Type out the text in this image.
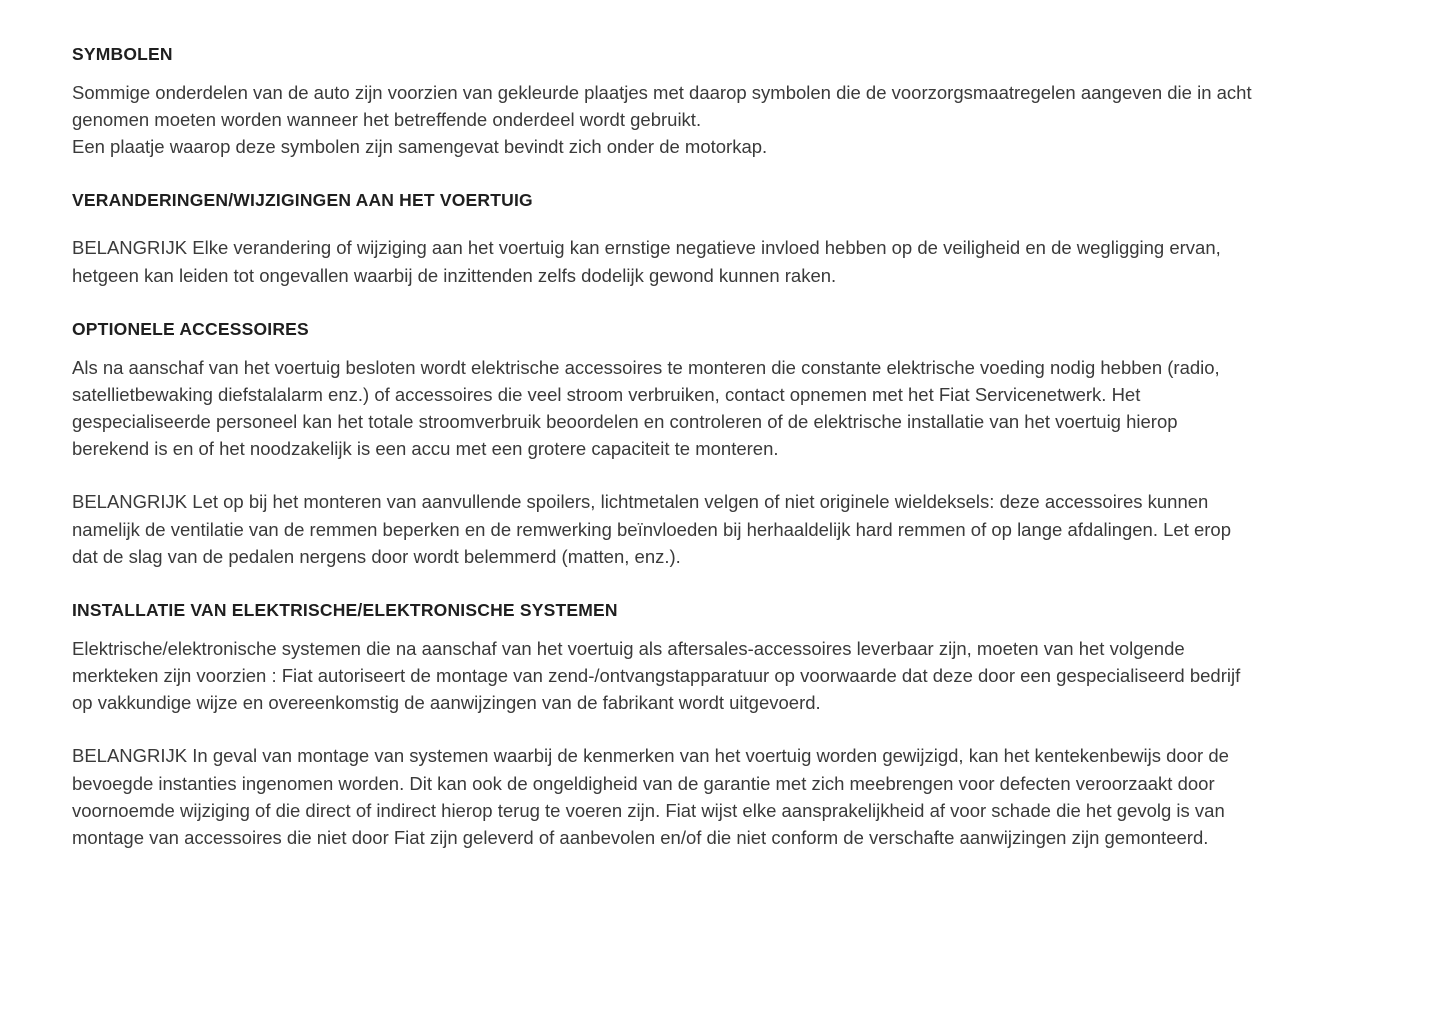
SYMBOLEN

Sommige onderdelen van de auto zijn voorzien van gekleurde plaatjes met daarop symbolen die de voorzorgsmaatregelen aangeven die in acht genomen moeten worden wanneer het betreffende onderdeel wordt gebruikt.
Een plaatje waarop deze symbolen zijn samengevat bevindt zich onder de motorkap.

VERANDERINGEN/WIJZIGINGEN AAN HET VOERTUIG

BELANGRIJK Elke verandering of wijziging aan het voertuig kan ernstige negatieve invloed hebben op de veiligheid en de wegligging ervan, hetgeen kan leiden tot ongevallen waarbij de inzittenden zelfs dodelijk gewond kunnen raken.

OPTIONELE ACCESSOIRES

Als na aanschaf van het voertuig besloten wordt elektrische accessoires te monteren die constante elektrische voeding nodig hebben (radio, satellietbewaking diefstalalarm enz.) of accessoires die veel stroom verbruiken, contact opnemen met het Fiat Servicenetwerk. Het gespecialiseerde personeel kan het totale stroomverbruik beoordelen en controleren of de elektrische installatie van het voertuig hierop berekend is en of het noodzakelijk is een accu met een grotere capaciteit te monteren.

BELANGRIJK Let op bij het monteren van aanvullende spoilers, lichtmetalen velgen of niet originele wieldeksels: deze accessoires kunnen namelijk de ventilatie van de remmen beperken en de remwerking beïnvloeden bij herhaaldelijk hard remmen of op lange afdalingen. Let erop dat de slag van de pedalen nergens door wordt belemmerd (matten, enz.).

INSTALLATIE VAN ELEKTRISCHE/ELEKTRONISCHE SYSTEMEN

Elektrische/elektronische systemen die na aanschaf van het voertuig als aftersales-accessoires leverbaar zijn, moeten van het volgende merkteken zijn voorzien : Fiat autoriseert de montage van zend-/ontvangstapparatuur op voorwaarde dat deze door een gespecialiseerd bedrijf op vakkundige wijze en overeenkomstig de aanwijzingen van de fabrikant wordt uitgevoerd.

BELANGRIJK In geval van montage van systemen waarbij de kenmerken van het voertuig worden gewijzigd, kan het kentekenbewijs door de bevoegde instanties ingenomen worden. Dit kan ook de ongeldigheid van de garantie met zich meebrengen voor defecten veroorzaakt door voornoemde wijziging of die direct of indirect hierop terug te voeren zijn. Fiat wijst elke aansprakelijkheid af voor schade die het gevolg is van montage van accessoires die niet door Fiat zijn geleverd of aanbevolen en/of die niet conform de verschafte aanwijzingen zijn gemonteerd.
